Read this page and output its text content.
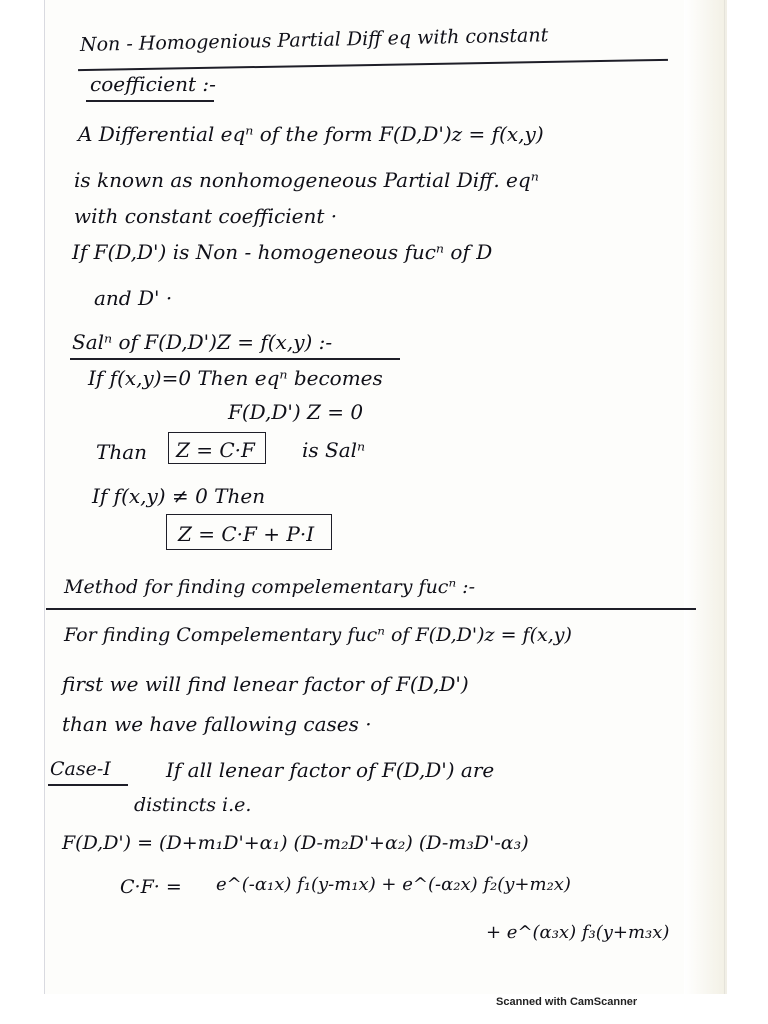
Non - Homogenious Partial Diff eq with constant
coefficient :-
A Differential eqⁿ of the form F(D,D')z = f(x,y)
is known as nonhomogeneous Partial Diff. eqⁿ
with constant coefficient ·
If F(D,D') is Non - homogeneous fucⁿ of D
and D' ·
Salⁿ of F(D,D')Z = f(x,y) :-
If f(x,y)=0 Then eqⁿ becomes
F(D,D') Z = 0
Than Z = C·F is Salⁿ
If f(x,y) ≠ 0 Then
Z = C·F + P·I
Method for finding compelementary fucⁿ :-
For finding Compelementary fucⁿ of F(D,D')z = f(x,y)
first we will find lenear factor of F(D,D')
than we have fallowing cases ·
Case-I	If all lenear factor of F(D,D') are
distincts i.e.
F(D,D') = (D+m₁D'+α₁) (D-m₂D'+α₂) (D-m₃D'-α₃)
C·F· = e^(-α₁x) f₁(y-m₁x) + e^(-α₂x) f₂(y+m₂x)
+ e^(α₃x) f₃(y+m₃x)
Scanned with CamScanner
